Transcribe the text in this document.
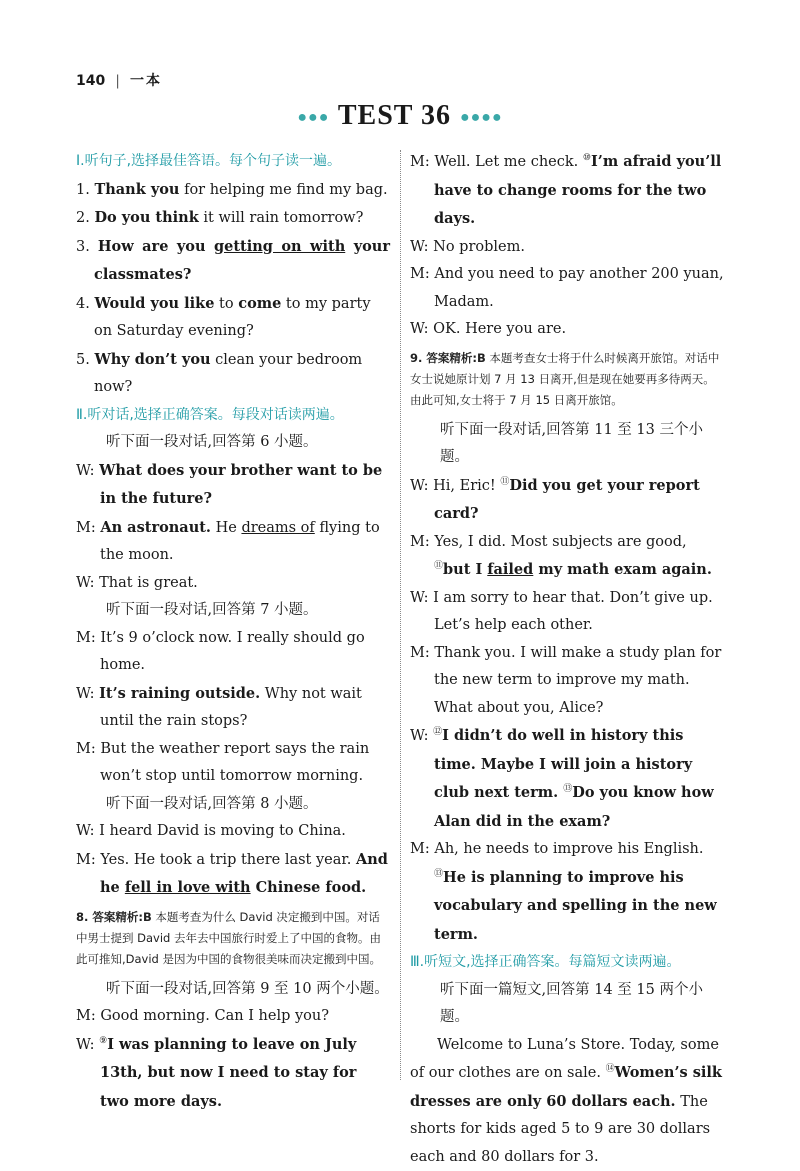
140 | 一本
●●● TEST 36 ●●●●
Ⅰ.听句子,选择最佳答语。每个句子读一遍。
1. Thank you for helping me find my bag.
2. Do you think it will rain tomorrow?
3. How are you getting on with your classmates?
4. Would you like to come to my party on Saturday evening?
5. Why don’t you clean your bedroom now?
Ⅱ.听对话,选择正确答案。每段对话读两遍。
听下面一段对话,回答第 6 小题。
W: What does your brother want to be in the future?
M: An astronaut. He dreams of flying to the moon.
W: That is great.
听下面一段对话,回答第 7 小题。
M: It’s 9 o’clock now. I really should go home.
W: It’s raining outside. Why not wait until the rain stops?
M: But the weather report says the rain won’t stop until tomorrow morning.
听下面一段对话,回答第 8 小题。
W: I heard David is moving to China.
M: Yes. He took a trip there last year. And he fell in love with Chinese food.
8. 答案精析:B 本题考查为什么 David 决定搬到中国。对话中男士提到 David 去年去中国旅行时爱上了中国的食物。由此可推知,David 是因为中国的食物很美味而决定搬到中国。
听下面一段对话,回答第 9 至 10 两个小题。
M: Good morning. Can I help you?
W: ⑨I was planning to leave on July 13th, but now I need to stay for two more days.
M: Well. Let me check. ⑩I’m afraid you’ll have to change rooms for the two days.
W: No problem.
M: And you need to pay another 200 yuan, Madam.
W: OK. Here you are.
9. 答案精析:B 本题考查女士将于什么时候离开旅馆。对话中女士说她原计划 7 月 13 日离开,但是现在她要再多待两天。由此可知,女士将于 7 月 15 日离开旅馆。
听下面一段对话,回答第 11 至 13 三个小题。
W: Hi, Eric! ⑪Did you get your report card?
M: Yes, I did. Most subjects are good, ⑪but I failed my math exam again.
W: I am sorry to hear that. Don’t give up. Let’s help each other.
M: Thank you. I will make a study plan for the new term to improve my math. What about you, Alice?
W: ⑫I didn’t do well in history this time. Maybe I will join a history club next term. ⑬Do you know how Alan did in the exam?
M: Ah, he needs to improve his English. ⑬He is planning to improve his vocabulary and spelling in the new term.
Ⅲ.听短文,选择正确答案。每篇短文读两遍。
听下面一篇短文,回答第 14 至 15 两个小题。
Welcome to Luna’s Store. Today, some of our clothes are on sale. ⑭Women’s silk dresses are only 60 dollars each. The shorts for kids aged 5 to 9 are 30 dollars each and 80 dollars for 3.
